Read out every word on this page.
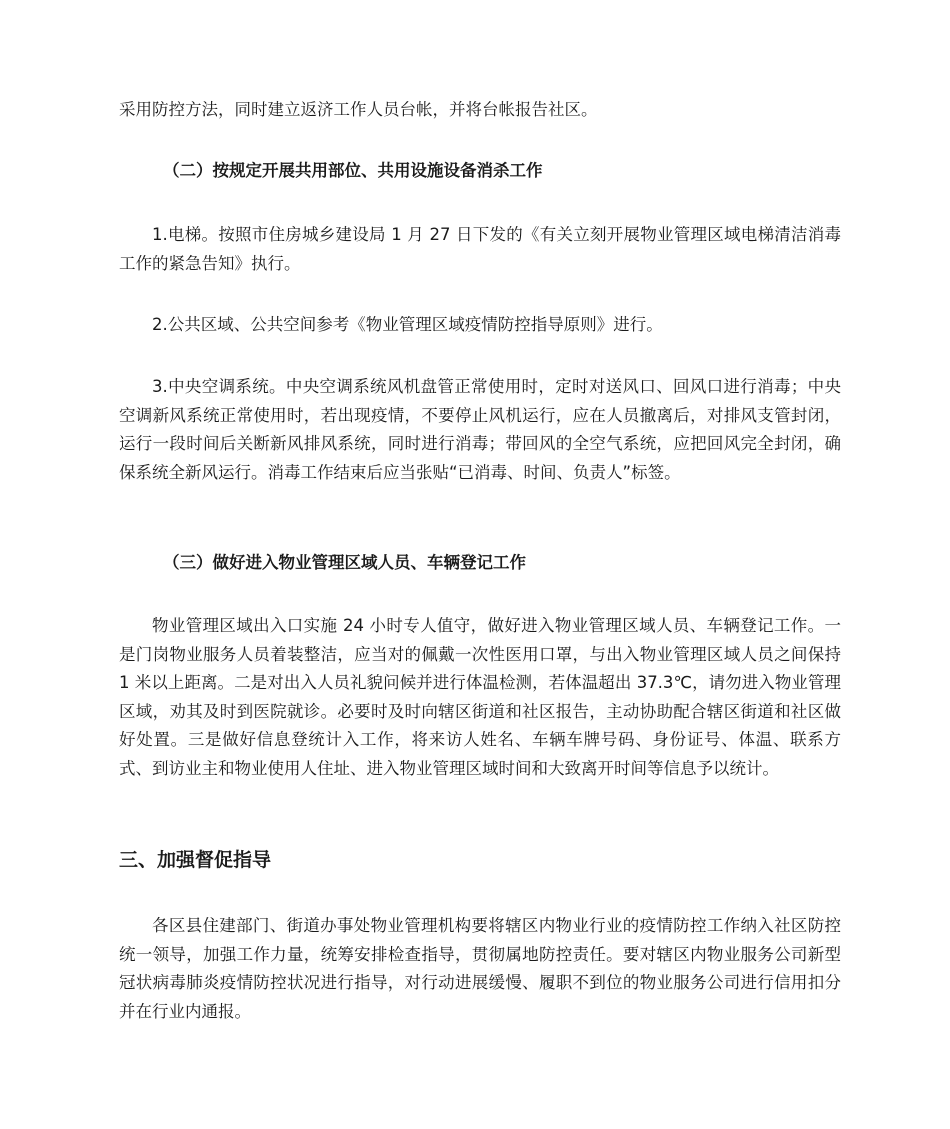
采用防控方法，同时建立返济工作人员台帐，并将台帐报告社区。
（二）按规定开展共用部位、共用设施设备消杀工作
1.电梯。按照市住房城乡建设局 1 月 27 日下发的《有关立刻开展物业管理区域电梯清洁消毒工作的紧急告知》执行。
2.公共区域、公共空间参考《物业管理区域疫情防控指导原则》进行。
3.中央空调系统。中央空调系统风机盘管正常使用时，定时对送风口、回风口进行消毒；中央空调新风系统正常使用时，若出现疫情，不要停止风机运行，应在人员撤离后，对排风支管封闭，运行一段时间后关断新风排风系统，同时进行消毒；带回风的全空气系统，应把回风完全封闭，确保系统全新风运行。消毒工作结束后应当张贴“已消毒、时间、负责人”标签。
（三）做好进入物业管理区域人员、车辆登记工作
物业管理区域出入口实施 24 小时专人值守，做好进入物业管理区域人员、车辆登记工作。一是门岗物业服务人员着装整洁，应当对的佩戴一次性医用口罩，与出入物业管理区域人员之间保持 1 米以上距离。二是对出入人员礼貌问候并进行体温检测，若体温超出 37.3℃，请勿进入物业管理区域，劝其及时到医院就诊。必要时及时向辖区街道和社区报告，主动协助配合辖区街道和社区做好处置。三是做好信息登统计入工作，将来访人姓名、车辆车牌号码、身份证号、体温、联系方式、到访业主和物业使用人住址、进入物业管理区域时间和大致离开时间等信息予以统计。
三、加强督促指导
各区县住建部门、街道办事处物业管理机构要将辖区内物业行业的疫情防控工作纳入社区防控统一领导，加强工作力量，统筹安排检查指导，贯彻属地防控责任。要对辖区内物业服务公司新型冠状病毒肺炎疫情防控状况进行指导，对行动进展缓慢、履职不到位的物业服务公司进行信用扣分并在行业内通报。
